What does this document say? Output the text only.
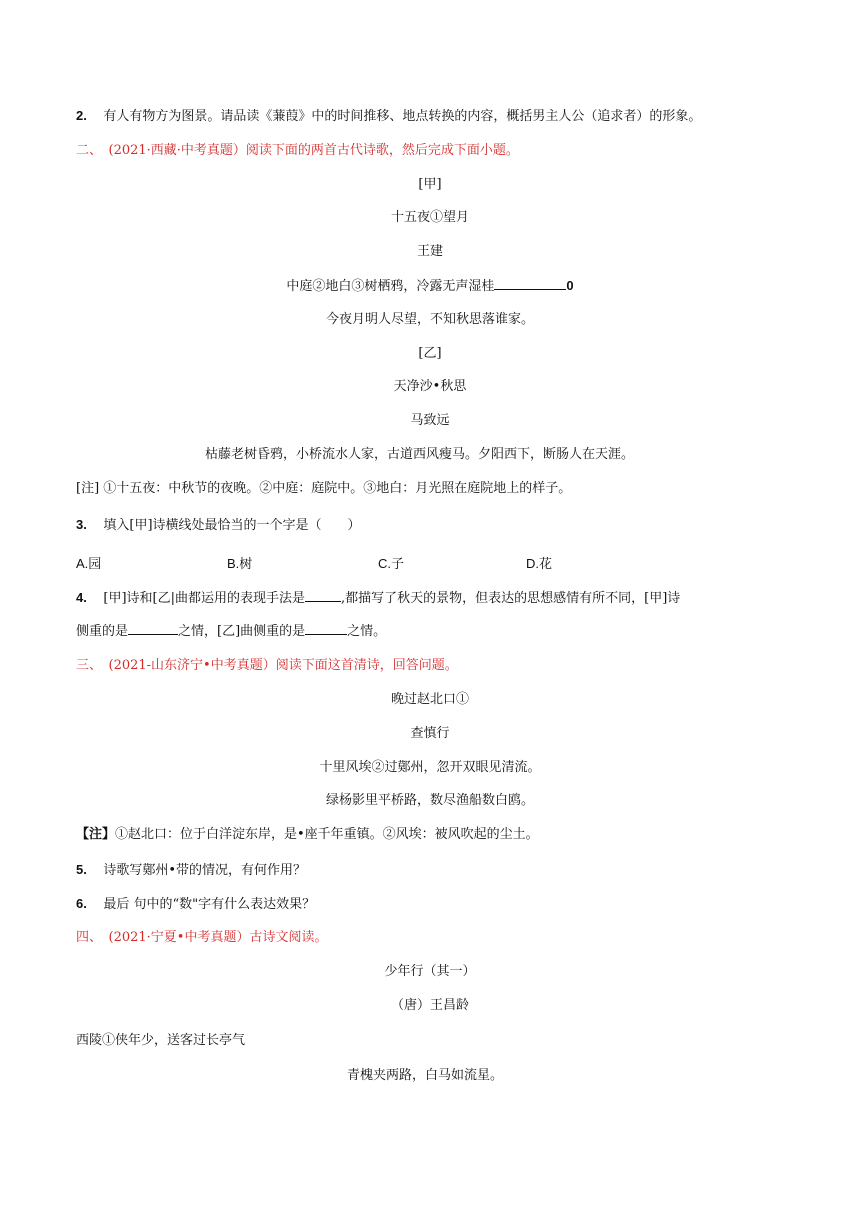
2. 有人有物方为图景。请品读《蒹葭》中的时间推移、地点转换的内容，概括男主人公（追求者）的形象。
二、　(2021·西藏·中考真题）阅读下面的两首古代诗歌，然后完成下面小题。
[甲]
十五夜①望月
王建
中庭②地白③树栖鸦，冷露无声湿桂	0
今夜月明人尽望，不知秋思落谁家。
[乙]
天净沙•秋思
马致远
枯藤老树昏鸦，小桥流水人家，古道西风瘦马。夕阳西下，断肠人在天涯。
[注] ①十五夜：中秋节的夜晚。②中庭：庭院中。③地白：月光照在庭院地上的样子。
3. 填入[甲]诗横线处最恰当的一个字是（　　）
A.园	B.树	C.子	D.花
4. [甲]诗和[乙|曲都运用的表现手法是	,都描写了秋天的景物，但表达的思想感情有所不同，[甲]诗
侧重的是	之情，[乙]曲侧重的是	之情。
三、　(2021-山东济宁•中考真题）阅读下面这首清诗，回答问题。
晚过赵北口①
查慎行
十里风埃②过鄚州，忽开双眼见清流。
绿杨影里平桥路，数尽渔船数白鸥。
【注】①赵北口：位于白洋淀东岸，是•座千年重镇。②风埃：被风吹起的尘土。
5. 诗歌写鄚州•带的情况，有何作用？
6. 最后 句中的“数"字有什么表达效果？
四、　(2021·宁夏•中考真题）古诗文阅读。
少年行（其一）
（唐）王昌龄
西陵①侠年少，送客过长亭气
青槐夹两路，白马如流星。
